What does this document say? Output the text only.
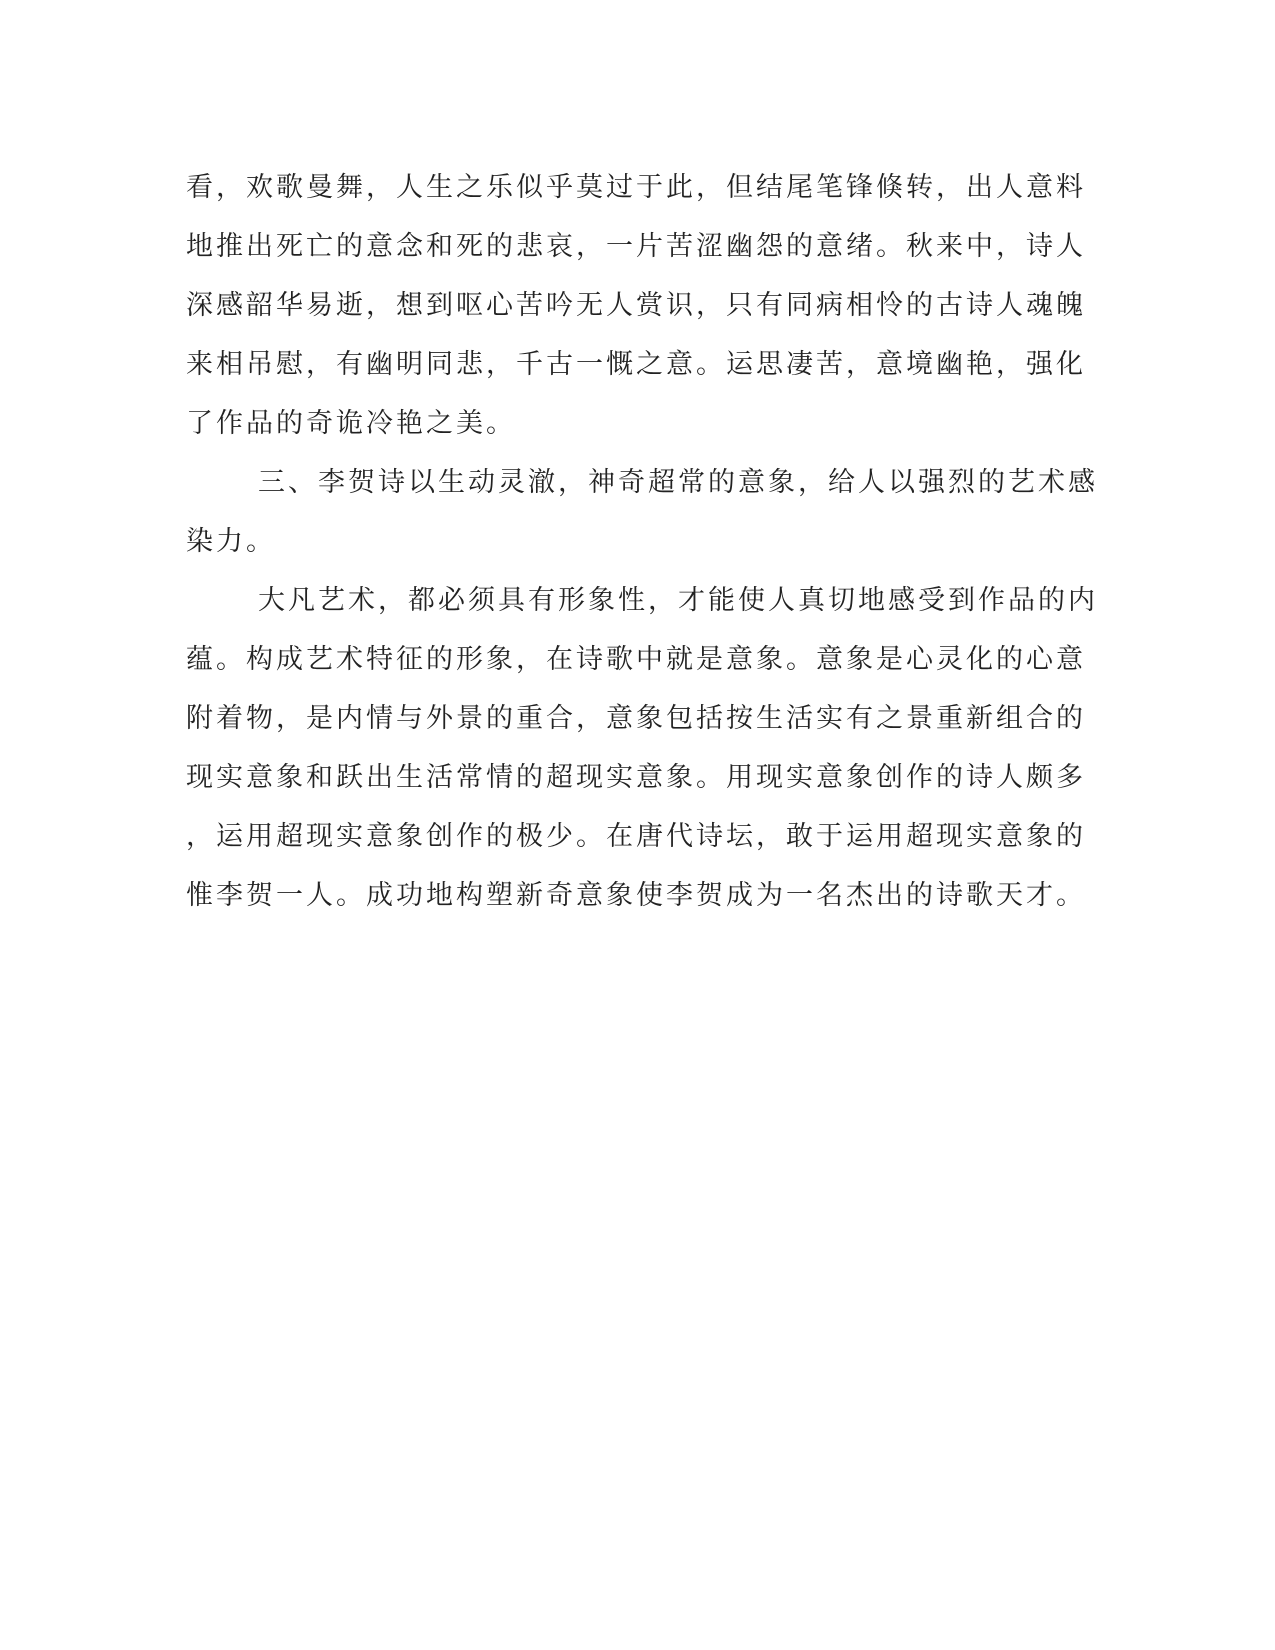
看，欢歌曼舞，人生之乐似乎莫过于此，但结尾笔锋倏转，出人意料
地推出死亡的意念和死的悲哀，一片苦涩幽怨的意绪。秋来中，诗人
深感韶华易逝，想到呕心苦吟无人赏识，只有同病相怜的古诗人魂魄
来相吊慰，有幽明同悲，千古一慨之意。运思凄苦，意境幽艳，强化
了作品的奇诡冷艳之美。
三、李贺诗以生动灵澈，神奇超常的意象，给人以强烈的艺术感
染力。
大凡艺术，都必须具有形象性，才能使人真切地感受到作品的内
蕴。构成艺术特征的形象，在诗歌中就是意象。意象是心灵化的心意
附着物，是内情与外景的重合，意象包括按生活实有之景重新组合的
现实意象和跃出生活常情的超现实意象。用现实意象创作的诗人颇多
，运用超现实意象创作的极少。在唐代诗坛，敢于运用超现实意象的
惟李贺一人。成功地构塑新奇意象使李贺成为一名杰出的诗歌天才。
